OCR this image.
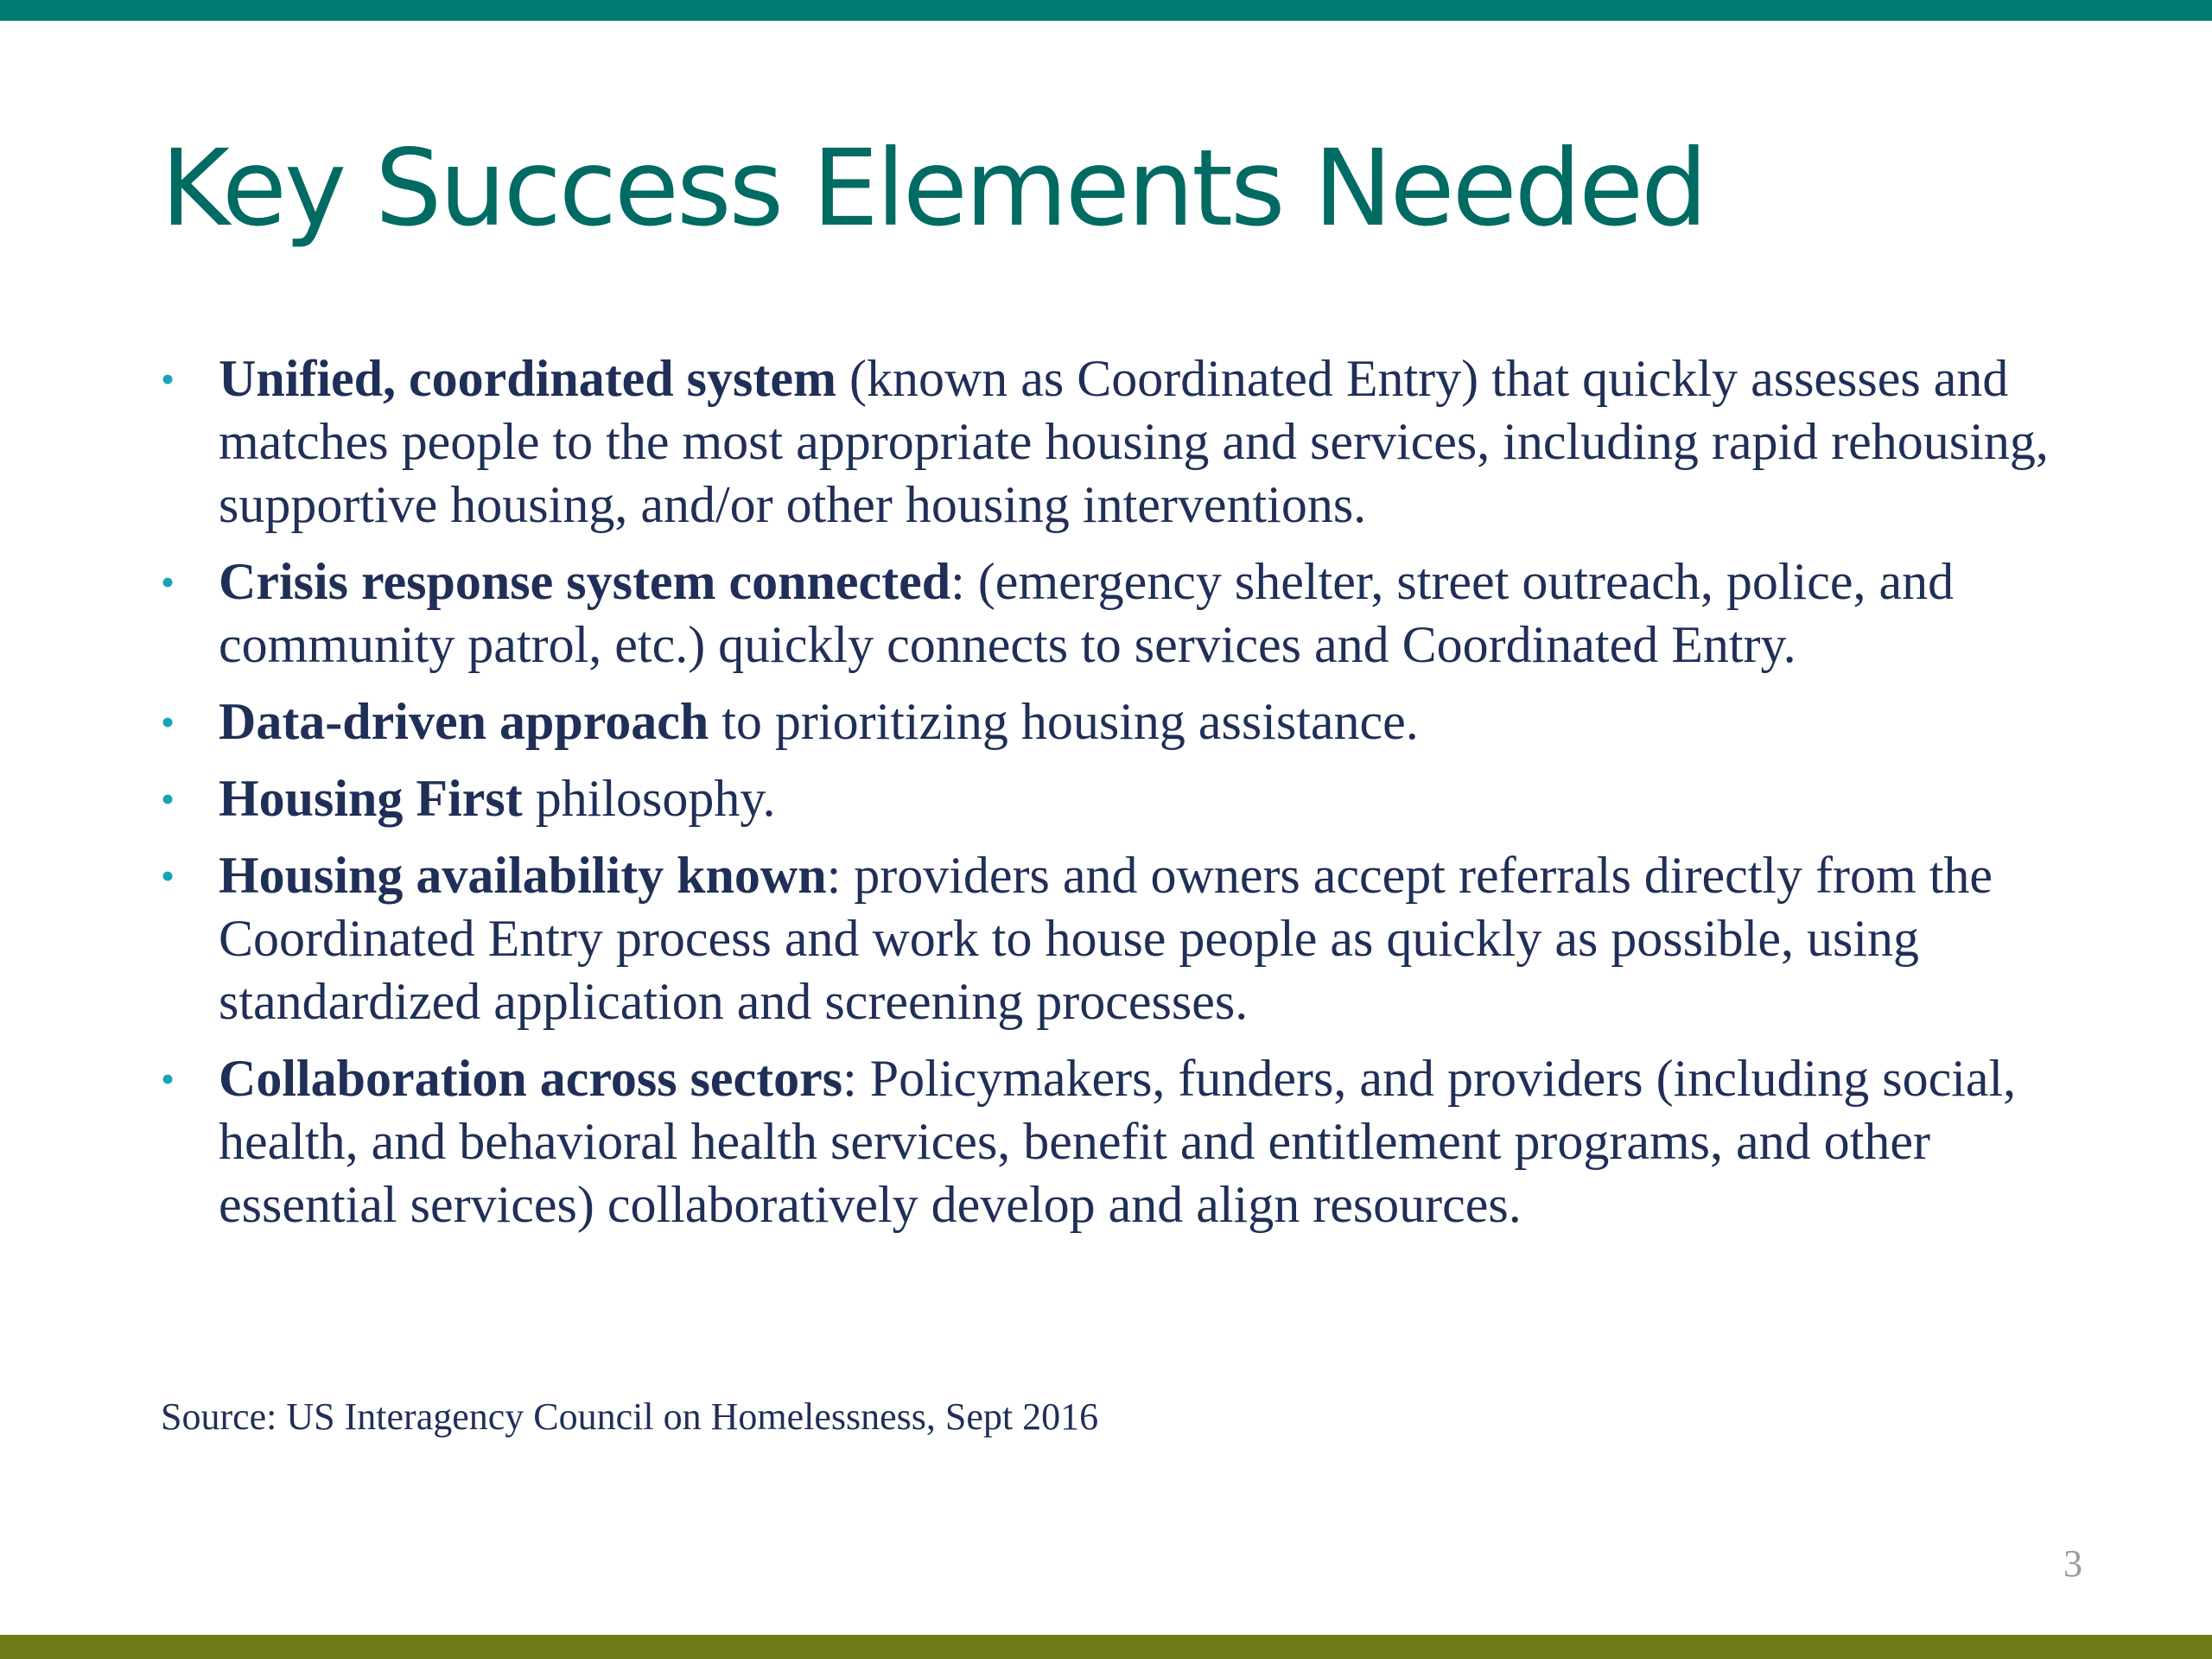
Key Success Elements Needed
• Unified, coordinated system (known as Coordinated Entry) that quickly assesses and matches people to the most appropriate housing and services, including rapid rehousing, supportive housing, and/or other housing interventions.
• Crisis response system connected: (emergency shelter, street outreach, police, and community patrol, etc.) quickly connects to services and Coordinated Entry.
• Data-driven approach to prioritizing housing assistance.
• Housing First philosophy.
• Housing availability known: providers and owners accept referrals directly from the Coordinated Entry process and work to house people as quickly as possible, using standardized application and screening processes.
• Collaboration across sectors: Policymakers, funders, and providers (including social, health, and behavioral health services, benefit and entitlement programs, and other essential services) collaboratively develop and align resources.

Source: US Interagency Council on Homelessness, Sept 2016

3
